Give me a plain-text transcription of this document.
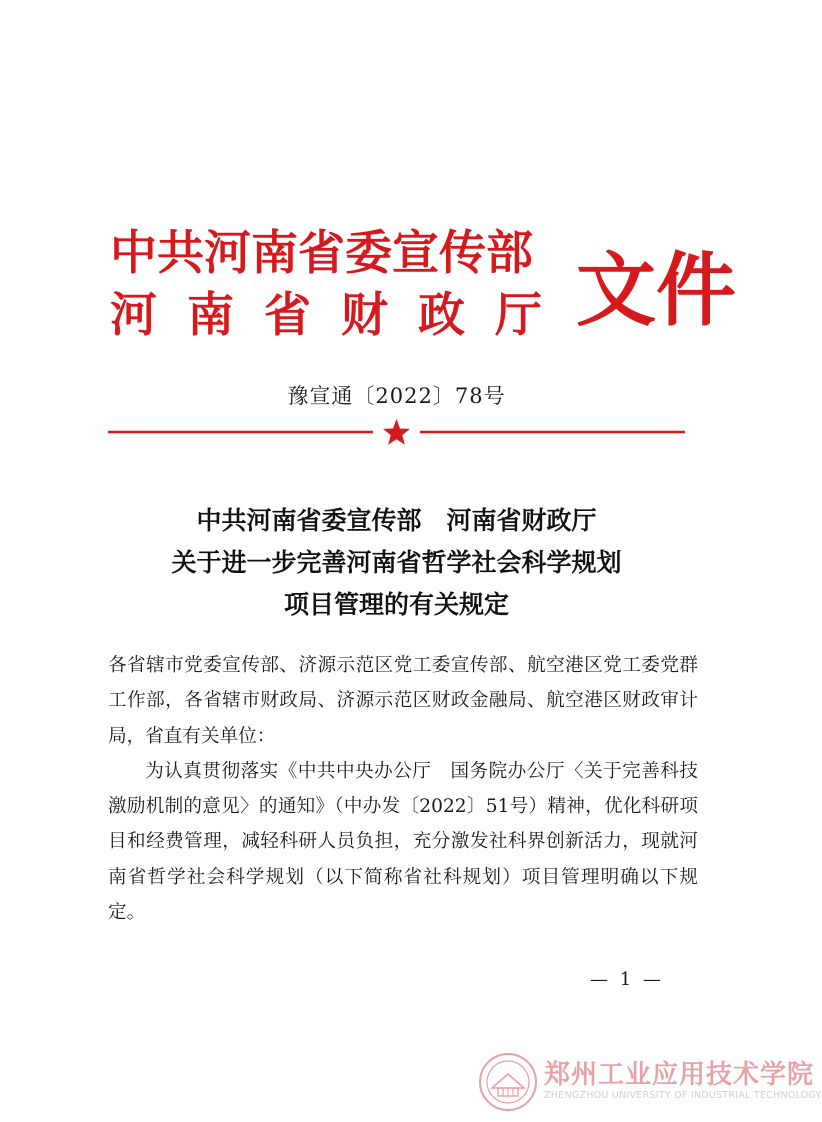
中共河南省委宣传部
河南省财政厅 文件
豫宣通〔2022〕78号
中共河南省委宣传部　河南省财政厅
关于进一步完善河南省哲学社会科学规划
项目管理的有关规定

各省辖市党委宣传部、济源示范区党工委宣传部、航空港区党工委党群工作部，各省辖市财政局、济源示范区财政金融局、航空港区财政审计局，省直有关单位：

为认真贯彻落实《中共中央办公厅　国务院办公厅〈关于完善科技激励机制的意见〉的通知》（中办发〔2022〕51号）精神，优化科研项目和经费管理，减轻科研人员负担，充分激发社科界创新活力，现就河南省哲学社会科学规划（以下简称省社科规划）项目管理明确以下规定。

— 1 —
郑州工业应用技术学院
ZHENGZHOU UNIVERSITY OF INDUSTRIAL TECHNOLOGY
